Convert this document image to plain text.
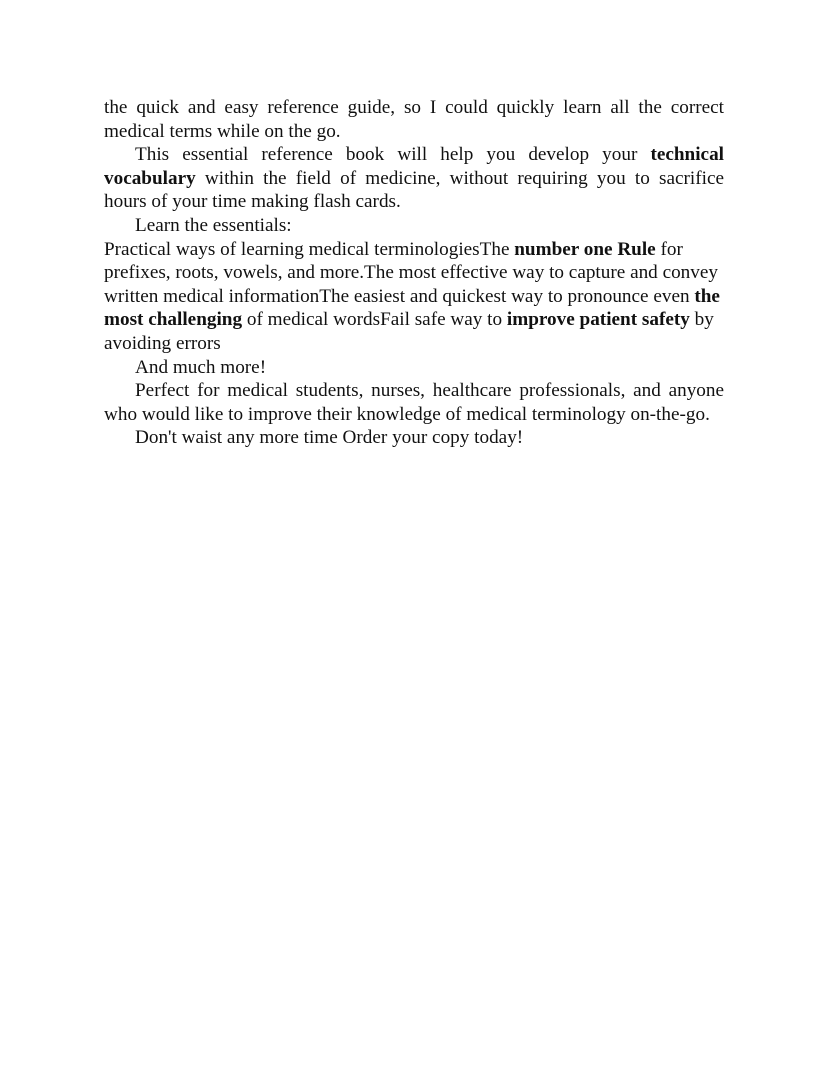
the quick and easy reference guide, so I could quickly learn all the correct medical terms while on the go.

This essential reference book will help you develop your technical vocabulary within the field of medicine, without requiring you to sacrifice hours of your time making flash cards.

Learn the essentials:

Practical ways of learning medical terminologiesThe number one Rule for prefixes, roots, vowels, and more.The most effective way to capture and convey written medical informationThe easiest and quickest way to pronounce even the most challenging of medical wordsFail safe way to improve patient safety by avoiding errors

And much more!

Perfect for medical students, nurses, healthcare professionals, and anyone who would like to improve their knowledge of medical terminology on-the-go.

Don't waist any more time Order your copy today!
